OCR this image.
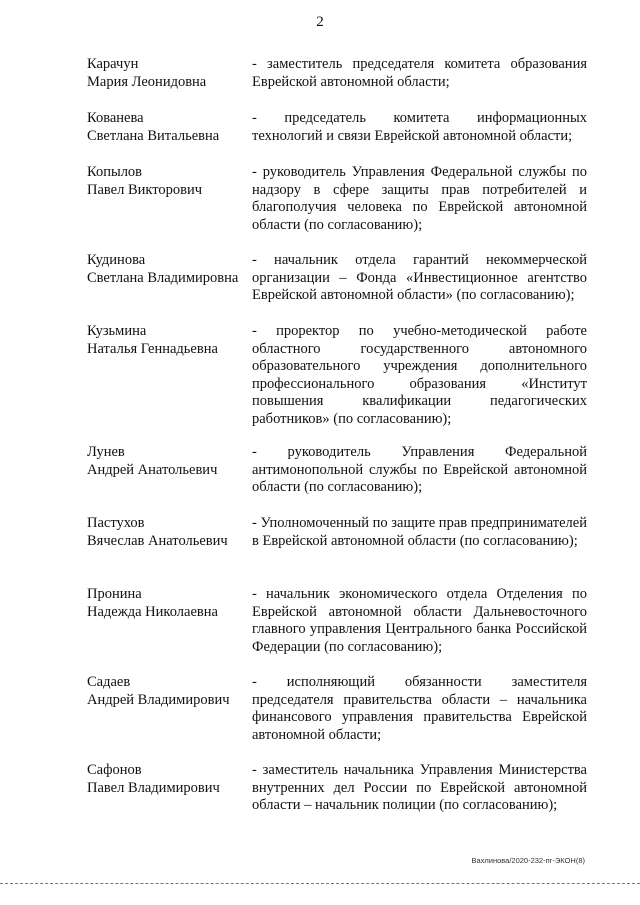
2
Карачун
Мария Леонидовна
- заместитель председателя комитета образования Еврейской автономной области;
Кованева
Светлана Витальевна
- председатель комитета информационных технологий и связи Еврейской автономной области;
Копылов
Павел Викторович
- руководитель Управления Федеральной службы по надзору в сфере защиты прав потребителей и благополучия человека по Еврейской автономной области (по согласованию);
Кудинова
Светлана Владимировна
- начальник отдела гарантий некоммерческой организации – Фонда «Инвестиционное агентство Еврейской автономной области» (по согласованию);
Кузьмина
Наталья Геннадьевна
- проректор по учебно-методической работе областного государственного автономного образовательного учреждения дополнительного профессионального образования «Институт повышения квалификации педагогических работников» (по согласованию);
Лунев
Андрей Анатольевич
- руководитель Управления Федеральной антимонопольной службы по Еврейской автономной области (по согласованию);
Пастухов
Вячеслав Анатольевич
- Уполномоченный по защите прав предпринимателей в Еврейской автономной области (по согласованию);
Пронина
Надежда Николаевна
- начальник экономического отдела Отделения по Еврейской автономной области Дальневосточного главного управления Центрального банка Российской Федерации (по согласованию);
Садаев
Андрей Владимирович
- исполняющий обязанности заместителя председателя правительства области – начальника финансового управления правительства Еврейской автономной области;
Сафонов
Павел Владимирович
- заместитель начальника Управления Министерства внутренних дел России по Еврейской автономной области – начальник полиции (по согласованию);
Вахлинова/2020-232-пг-ЭКОН(8)
